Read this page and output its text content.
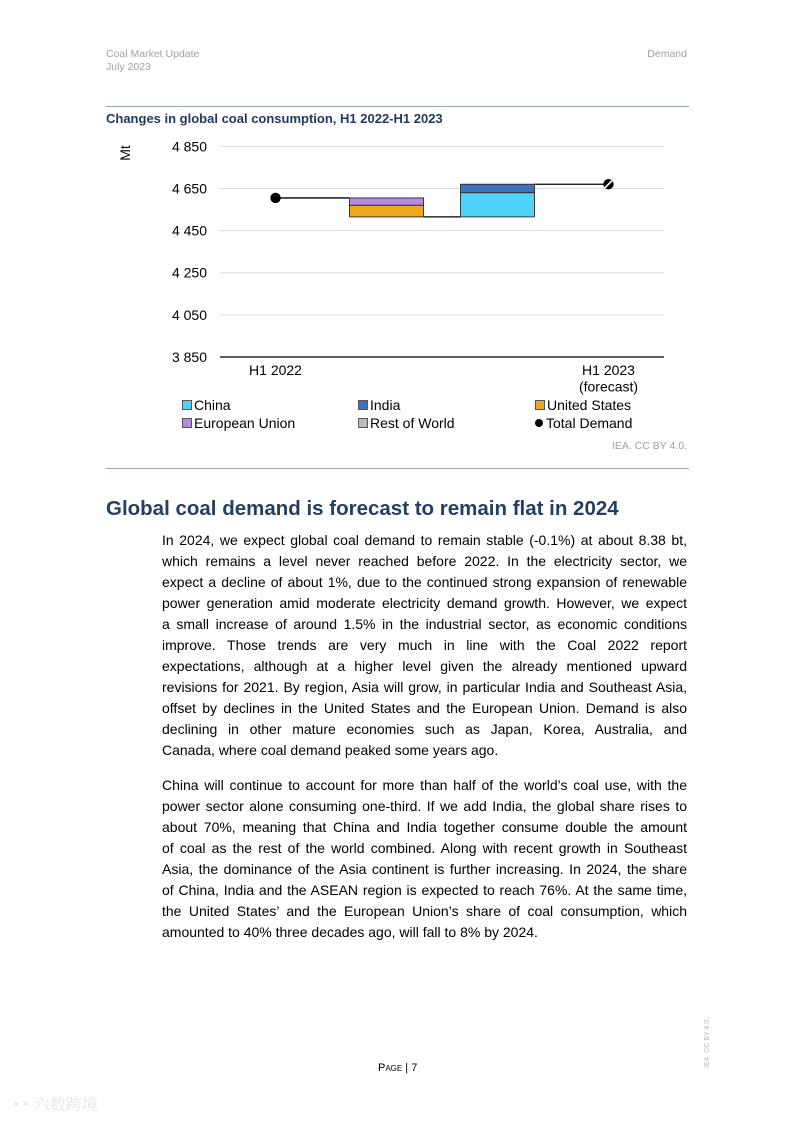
Coal Market Update
July 2023
Demand
Changes in global coal consumption, H1 2022-H1 2023
4 850
4 650
4 450
4 250
4 050
3 850
Mt
H1 2022	H1 2023
(forecast)
China	India	United States
European Union	Rest of World	Total Demand
IEA. CC BY 4.0.
Global coal demand is forecast to remain flat in 2024
In 2024, we expect global coal demand to remain stable (-0.1%) at about 8.38 bt,
which remains a level never reached before 2022. In the electricity sector, we
expect a decline of about 1%, due to the continued strong expansion of renewable
power generation amid moderate electricity demand growth. However, we expect
a small increase of around 1.5% in the industrial sector, as economic conditions
improve. Those trends are very much in line with the Coal 2022 report
expectations, although at a higher level given the already mentioned upward
revisions for 2021. By region, Asia will grow, in particular India and Southeast Asia,
offset by declines in the United States and the European Union. Demand is also
declining in other mature economies such as Japan, Korea, Australia, and
Canada, where coal demand peaked some years ago.
China will continue to account for more than half of the world’s coal use, with the
power sector alone consuming one-third. If we add India, the global share rises to
about 70%, meaning that China and India together consume double the amount
of coal as the rest of the world combined. Along with recent growth in Southeast
Asia, the dominance of the Asia continent is further increasing. In 2024, the share
of China, India and the ASEAN region is expected to reach 76%. At the same time,
the United States’ and the European Union’s share of coal consumption, which
amounted to 40% three decades ago, will fall to 8% by 2024.
Page | 7	IEA. CC BY 4.0.
◔◔ 六数跨境
